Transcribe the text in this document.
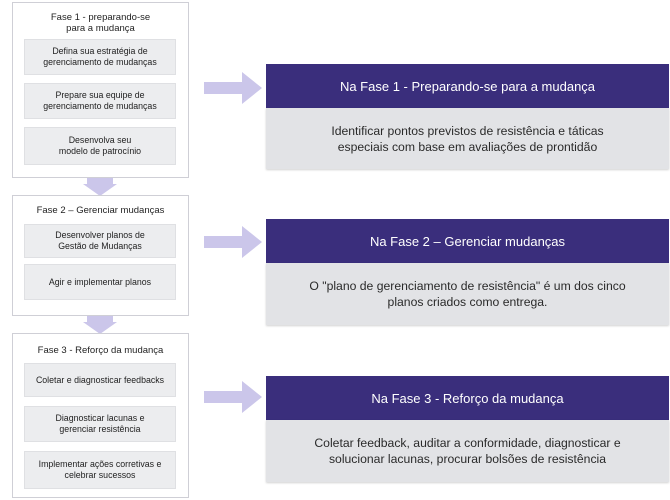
Fase 1 - preparando-se
para a mudança
Defina sua estratégia de
gerenciamento de mudanças
Prepare sua equipe de
gerenciamento de mudanças
Desenvolva seu
modelo de patrocínio
Fase 2 – Gerenciar mudanças
Desenvolver planos de
Gestão de Mudanças
Agir e implementar planos
Fase 3 - Reforço da mudança
Coletar e diagnosticar feedbacks
Diagnosticar lacunas e
gerenciar resistência
Implementar ações corretivas e
celebrar sucessos
Na Fase 1 - Preparando-se para a mudança
Identificar pontos previstos de resistência e táticas
especiais com base em avaliações de prontidão
Na Fase 2 – Gerenciar mudanças
O "plano de gerenciamento de resistência" é um dos cinco
planos criados como entrega.
Na Fase 3 - Reforço da mudança
Coletar feedback, auditar a conformidade, diagnosticar e
solucionar lacunas, procurar bolsões de resistência
